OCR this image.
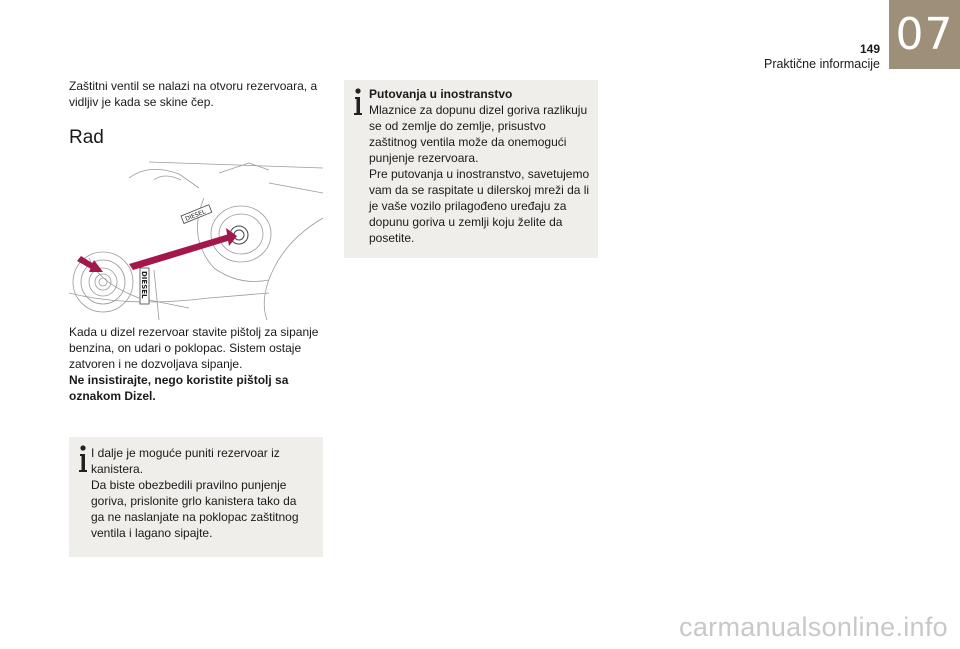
149
Praktične informacije
07
Zaštitni ventil se nalazi na otvoru rezervoara, a vidljiv je kada se skine čep.
Rad
DIESEL
DIESEL
Kada u dizel rezervoar stavite pištolj za sipanje benzina, on udari o poklopac. Sistem ostaje zatvoren i ne dozvoljava sipanje.
Ne insistirajte, nego koristite pištolj sa oznakom Dizel.
I dalje je moguće puniti rezervoar iz kanistera.
Da biste obezbedili pravilno punjenje goriva, prislonite grlo kanistera tako da ga ne naslanjate na poklopac zaštitnog ventila i lagano sipajte.
Putovanja u inostranstvo
Mlaznice za dopunu dizel goriva razlikuju se od zemlje do zemlje, prisustvo zaštitnog ventila može da onemogući punjenje rezervoara.
Pre putovanja u inostranstvo, savetujemo vam da se raspitate u dilerskoj mreži da li je vaše vozilo prilagođeno uređaju za dopunu goriva u zemlji koju želite da posetite.
carmanualsonline.info
